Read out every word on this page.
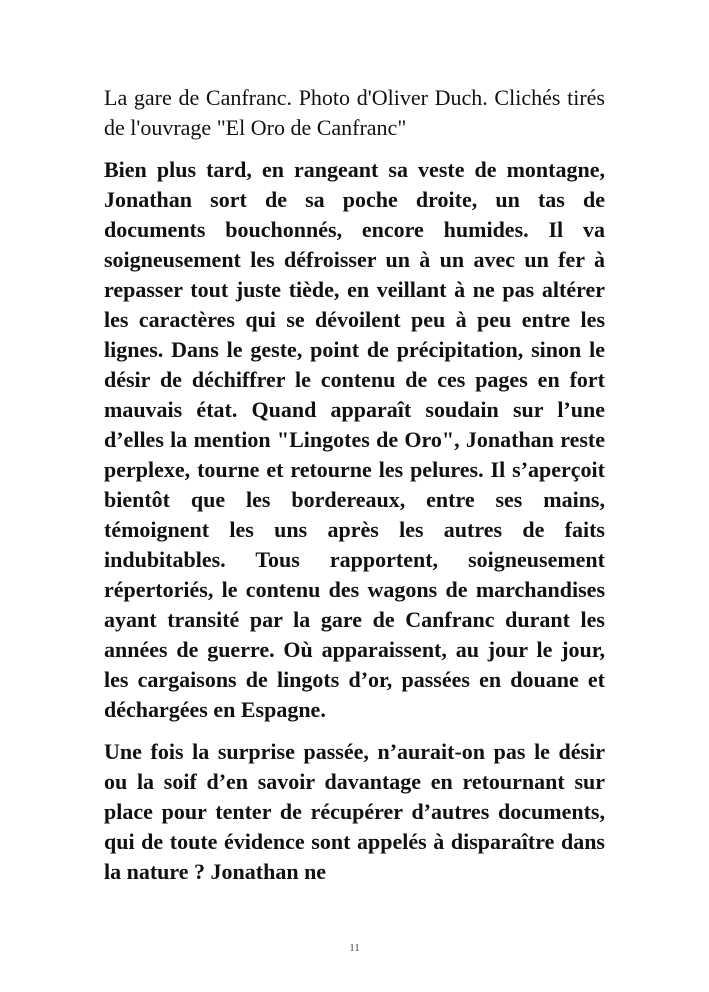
La gare de Canfranc. Photo d'Oliver Duch. Clichés tirés de l'ouvrage "El Oro de Canfranc"

Bien plus tard, en rangeant sa veste de montagne, Jonathan sort de sa poche droite, un tas de documents bouchonnés, encore humides. Il va soigneusement les défroisser un à un avec un fer à repasser tout juste tiède, en veillant à ne pas altérer les caractères qui se dévoilent peu à peu entre les lignes. Dans le geste, point de précipitation, sinon le désir de déchiffrer le contenu de ces pages en fort mauvais état. Quand apparaît soudain sur l’une d’elles la mention "Lingotes de Oro", Jonathan reste perplexe, tourne et retourne les pelures. Il s’aperçoit bientôt que les bordereaux, entre ses mains, témoignent les uns après les autres de faits indubitables. Tous rapportent, soigneusement répertoriés, le contenu des wagons de marchandises ayant transité par la gare de Canfranc durant les années de guerre. Où apparaissent, au jour le jour, les cargaisons de lingots d’or, passées en douane et déchargées en Espagne.

Une fois la surprise passée, n’aurait-on pas le désir ou la soif d’en savoir davantage en retournant sur place pour tenter de récupérer d’autres documents, qui de toute évidence sont appelés à disparaître dans la nature ? Jonathan ne

11
